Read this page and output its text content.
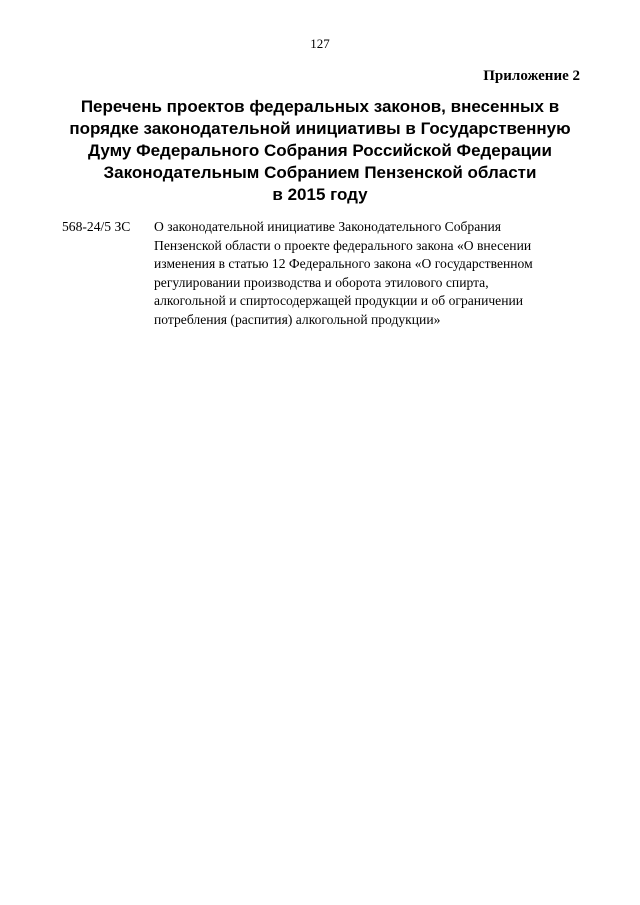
127
Приложение 2
Перечень проектов федеральных законов, внесенных в
порядке законодательной инициативы в Государственную
Думу Федерального Собрания Российской Федерации
Законодательным Собранием Пензенской области
в 2015 году
568-24/5 ЗС О законодательной инициативе Законодательного Собрания
Пензенской области о проекте федерального закона «О внесении
изменения в статью 12 Федерального закона «О государственном
регулировании производства и оборота этилового спирта,
алкогольной и спиртосодержащей продукции и об ограничении
потребления (распития) алкогольной продукции»
